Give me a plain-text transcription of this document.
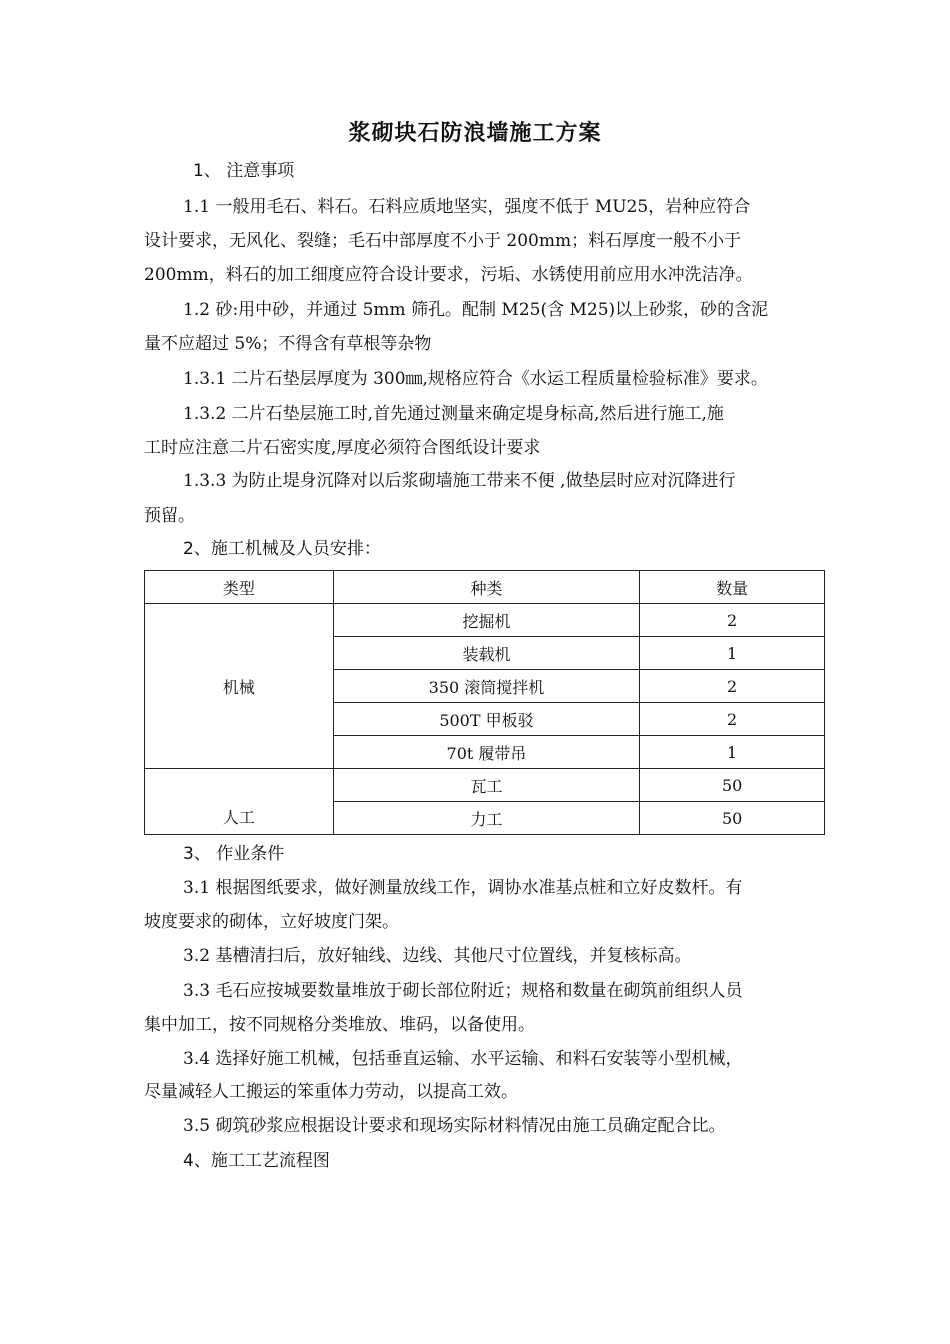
浆砌块石防浪墙施工方案
1、 注意事项
1.1 一般用毛石、料石。石料应质地坚实，强度不低于 MU25，岩种应符合
设计要求，无风化、裂缝；毛石中部厚度不小于 200mm；料石厚度一般不小于
200mm，料石的加工细度应符合设计要求，污垢、水锈使用前应用水冲洗洁净。
1.2 砂:用中砂，并通过 5mm 筛孔。配制 M25(含 M25)以上砂浆，砂的含泥
量不应超过 5%；不得含有草根等杂物
1.3.1 二片石垫层厚度为 300㎜,规格应符合《水运工程质量检验标准》要求。
1.3.2 二片石垫层施工时,首先通过测量来确定堤身标高,然后进行施工,施
工时应注意二片石密实度,厚度必须符合图纸设计要求
1.3.3 为防止堤身沉降对以后浆砌墙施工带来不便 ,做垫层时应对沉降进行
预留。
2、施工机械及人员安排：
类型	种类	数量
机械	挖掘机	2
	装载机	1
	350 滚筒搅拌机	2
	500T 甲板驳	2
	70t 履带吊	1
人工	瓦工	50
	力工	50
3、 作业条件
3.1 根据图纸要求，做好测量放线工作，调协水准基点桩和立好皮数杆。有
坡度要求的砌体，立好坡度门架。
3.2 基槽清扫后，放好轴线、边线、其他尺寸位置线，并复核标高。
3.3 毛石应按城要数量堆放于砌长部位附近；规格和数量在砌筑前组织人员
集中加工，按不同规格分类堆放、堆码，以备使用。
3.4 选择好施工机械，包括垂直运输、水平运输、和料石安装等小型机械，
尽量减轻人工搬运的笨重体力劳动，以提高工效。
3.5 砌筑砂浆应根据设计要求和现场实际材料情况由施工员确定配合比。
4、施工工艺流程图
